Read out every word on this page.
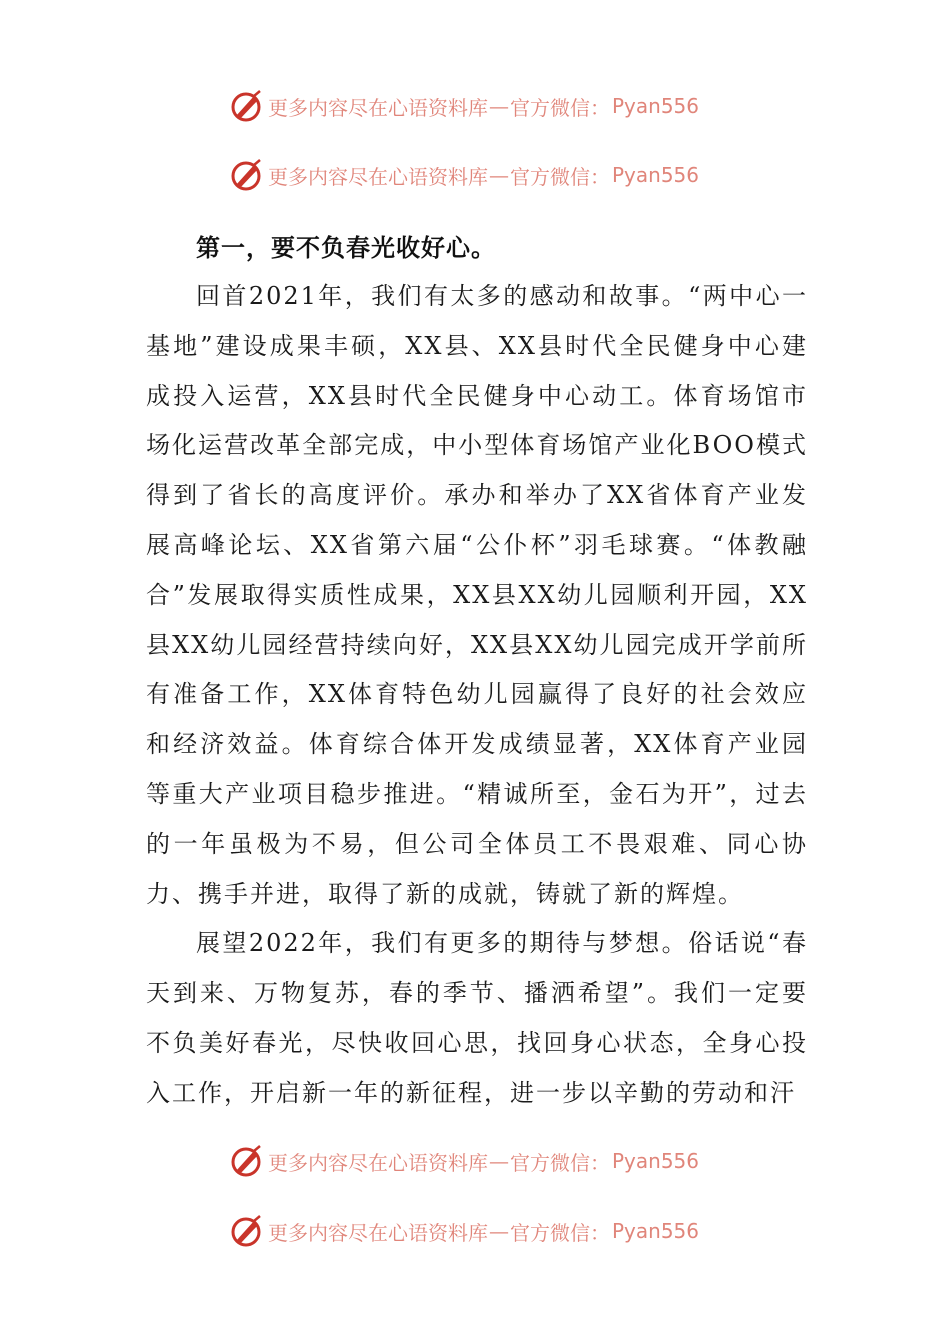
更多内容尽在心语资料库 — 官方微信： Pyan556
更多内容尽在心语资料库 — 官方微信： Pyan556
第一，要不负春光收好心。

回首2021年，我们有太多的感动和故事。“两中心一基地”建设成果丰硕，XX县、XX县时代全民健身中心建成投入运营，XX县时代全民健身中心动工。体育场馆市场化运营改革全部完成，中小型体育场馆产业化BOO模式得到了省长的高度评价。承办和举办了XX省体育产业发展高峰论坛、XX省第六届“公仆杯”羽毛球赛。“体教融合”发展取得实质性成果，XX县XX幼儿园顺利开园，XX县XX幼儿园经营持续向好，XX县XX幼儿园完成开学前所有准备工作，XX体育特色幼儿园赢得了良好的社会效应和经济效益。体育综合体开发成绩显著，XX体育产业园等重大产业项目稳步推进。“精诚所至，金石为开”，过去的一年虽极为不易，但公司全体员工不畏艰难、同心协力、携手并进，取得了新的成就，铸就了新的辉煌。

展望2022年，我们有更多的期待与梦想。俗话说“春天到来、万物复苏，春的季节、播洒希望”。我们一定要不负美好春光，尽快收回心思，找回身心状态，全身心投入工作，开启新一年的新征程，进一步以辛勤的劳动和汗

更多内容尽在心语资料库 — 官方微信： Pyan556
更多内容尽在心语资料库 — 官方微信： Pyan556
